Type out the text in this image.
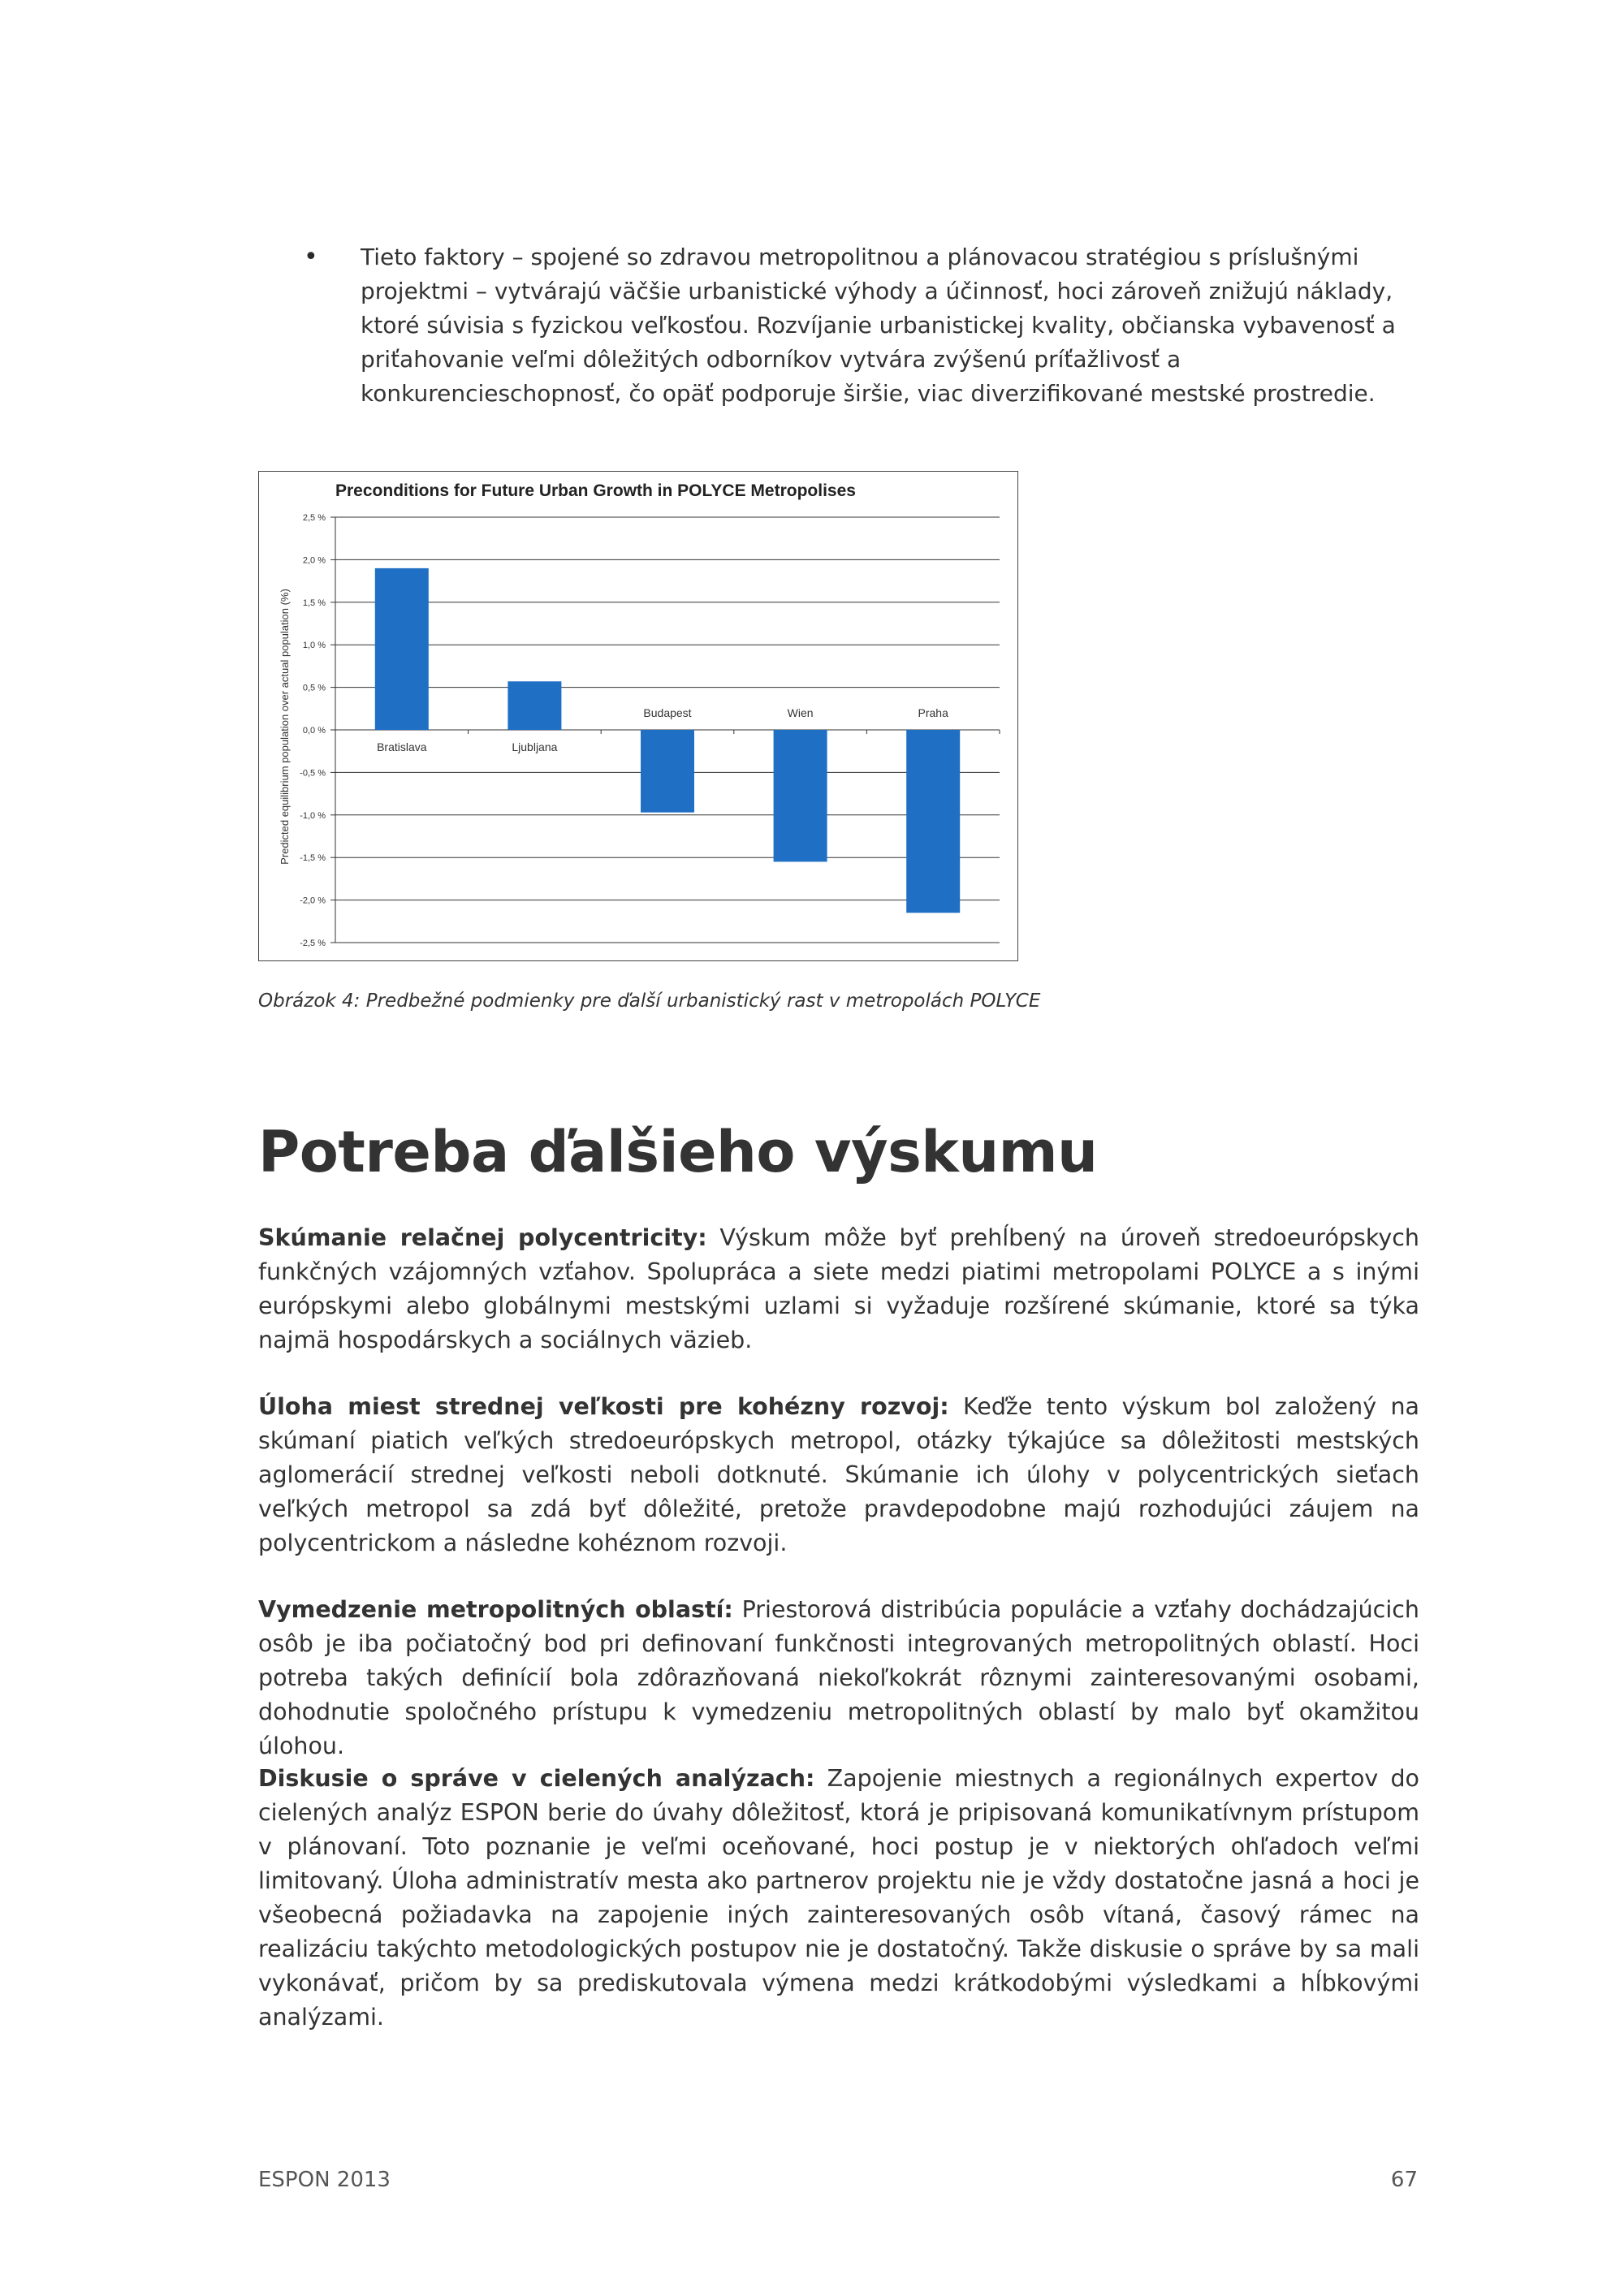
• Tieto faktory – spojené so zdravou metropolitnou a plánovacou stratégiou s príslušnými projektmi – vytvárajú väčšie urbanistické výhody a účinnosť, hoci zároveň znižujú náklady, ktoré súvisia s fyzickou veľkosťou. Rozvíjanie urbanistickej kvality, občianska vybavenosť a priťahovanie veľmi dôležitých odborníkov vytvára zvýšenú príťažlivosť a konkurencieschopnosť, čo opäť podporuje širšie, viac diverzifikované mestské prostredie.

Preconditions for Future Urban Growth in POLYCE Metropolises
Predicted equilibrium population over actual population (%)
2,5 %
2,0 %
1,5 %
1,0 %
0,5 %
0,0 %
-0,5 %
-1,0 %
-1,5 %
-2,0 %
-2,5 %
Bratislava	Ljubljana
Budapest	Wien	Praha
Obrázok 4: Predbežné podmienky pre ďalší urbanistický rast v metropolách POLYCE
Potreba ďalšieho výskumu

Skúmanie relačnej polycentricity: Výskum môže byť prehĺbený na úroveň stredoeurópskych funkčných vzájomných vzťahov. Spolupráca a siete medzi piatimi metropolami POLYCE a s inými európskymi alebo globálnymi mestskými uzlami si vyžaduje rozšírené skúmanie, ktoré sa týka najmä hospodárskych a sociálnych väzieb.

Úloha miest strednej veľkosti pre kohézny rozvoj: Keďže tento výskum bol založený na skúmaní piatich veľkých stredoeurópskych metropol, otázky týkajúce sa dôležitosti mestských aglomerácií strednej veľkosti neboli dotknuté. Skúmanie ich úlohy v polycentrických sieťach veľkých metropol sa zdá byť dôležité, pretože pravdepodobne majú rozhodujúci záujem na polycentrickom a následne kohéznom rozvoji.

Vymedzenie metropolitných oblastí: Priestorová distribúcia populácie a vzťahy dochádzajúcich osôb je iba počiatočný bod pri definovaní funkčnosti integrovaných metropolitných oblastí. Hoci potreba takých definícií bola zdôrazňovaná niekoľkokrát rôznymi zainteresovanými osobami, dohodnutie spoločného prístupu k vymedzeniu metropolitných oblastí by malo byť okamžitou úlohou.

Diskusie o správe v cielených analýzach: Zapojenie miestnych a regionálnych expertov do cielených analýz ESPON berie do úvahy dôležitosť, ktorá je pripisovaná komunikatívnym prístupom v plánovaní. Toto poznanie je veľmi oceňované, hoci postup je v niektorých ohľadoch veľmi limitovaný. Úloha administratív mesta ako partnerov projektu nie je vždy dostatočne jasná a hoci je všeobecná požiadavka na zapojenie iných zainteresovaných osôb vítaná, časový rámec na realizáciu takýchto metodologických postupov nie je dostatočný. Takže diskusie o správe by sa mali vykonávať, pričom by sa prediskutovala výmena medzi krátkodobými výsledkami a hĺbkovými analýzami.

ESPON 2013	67
